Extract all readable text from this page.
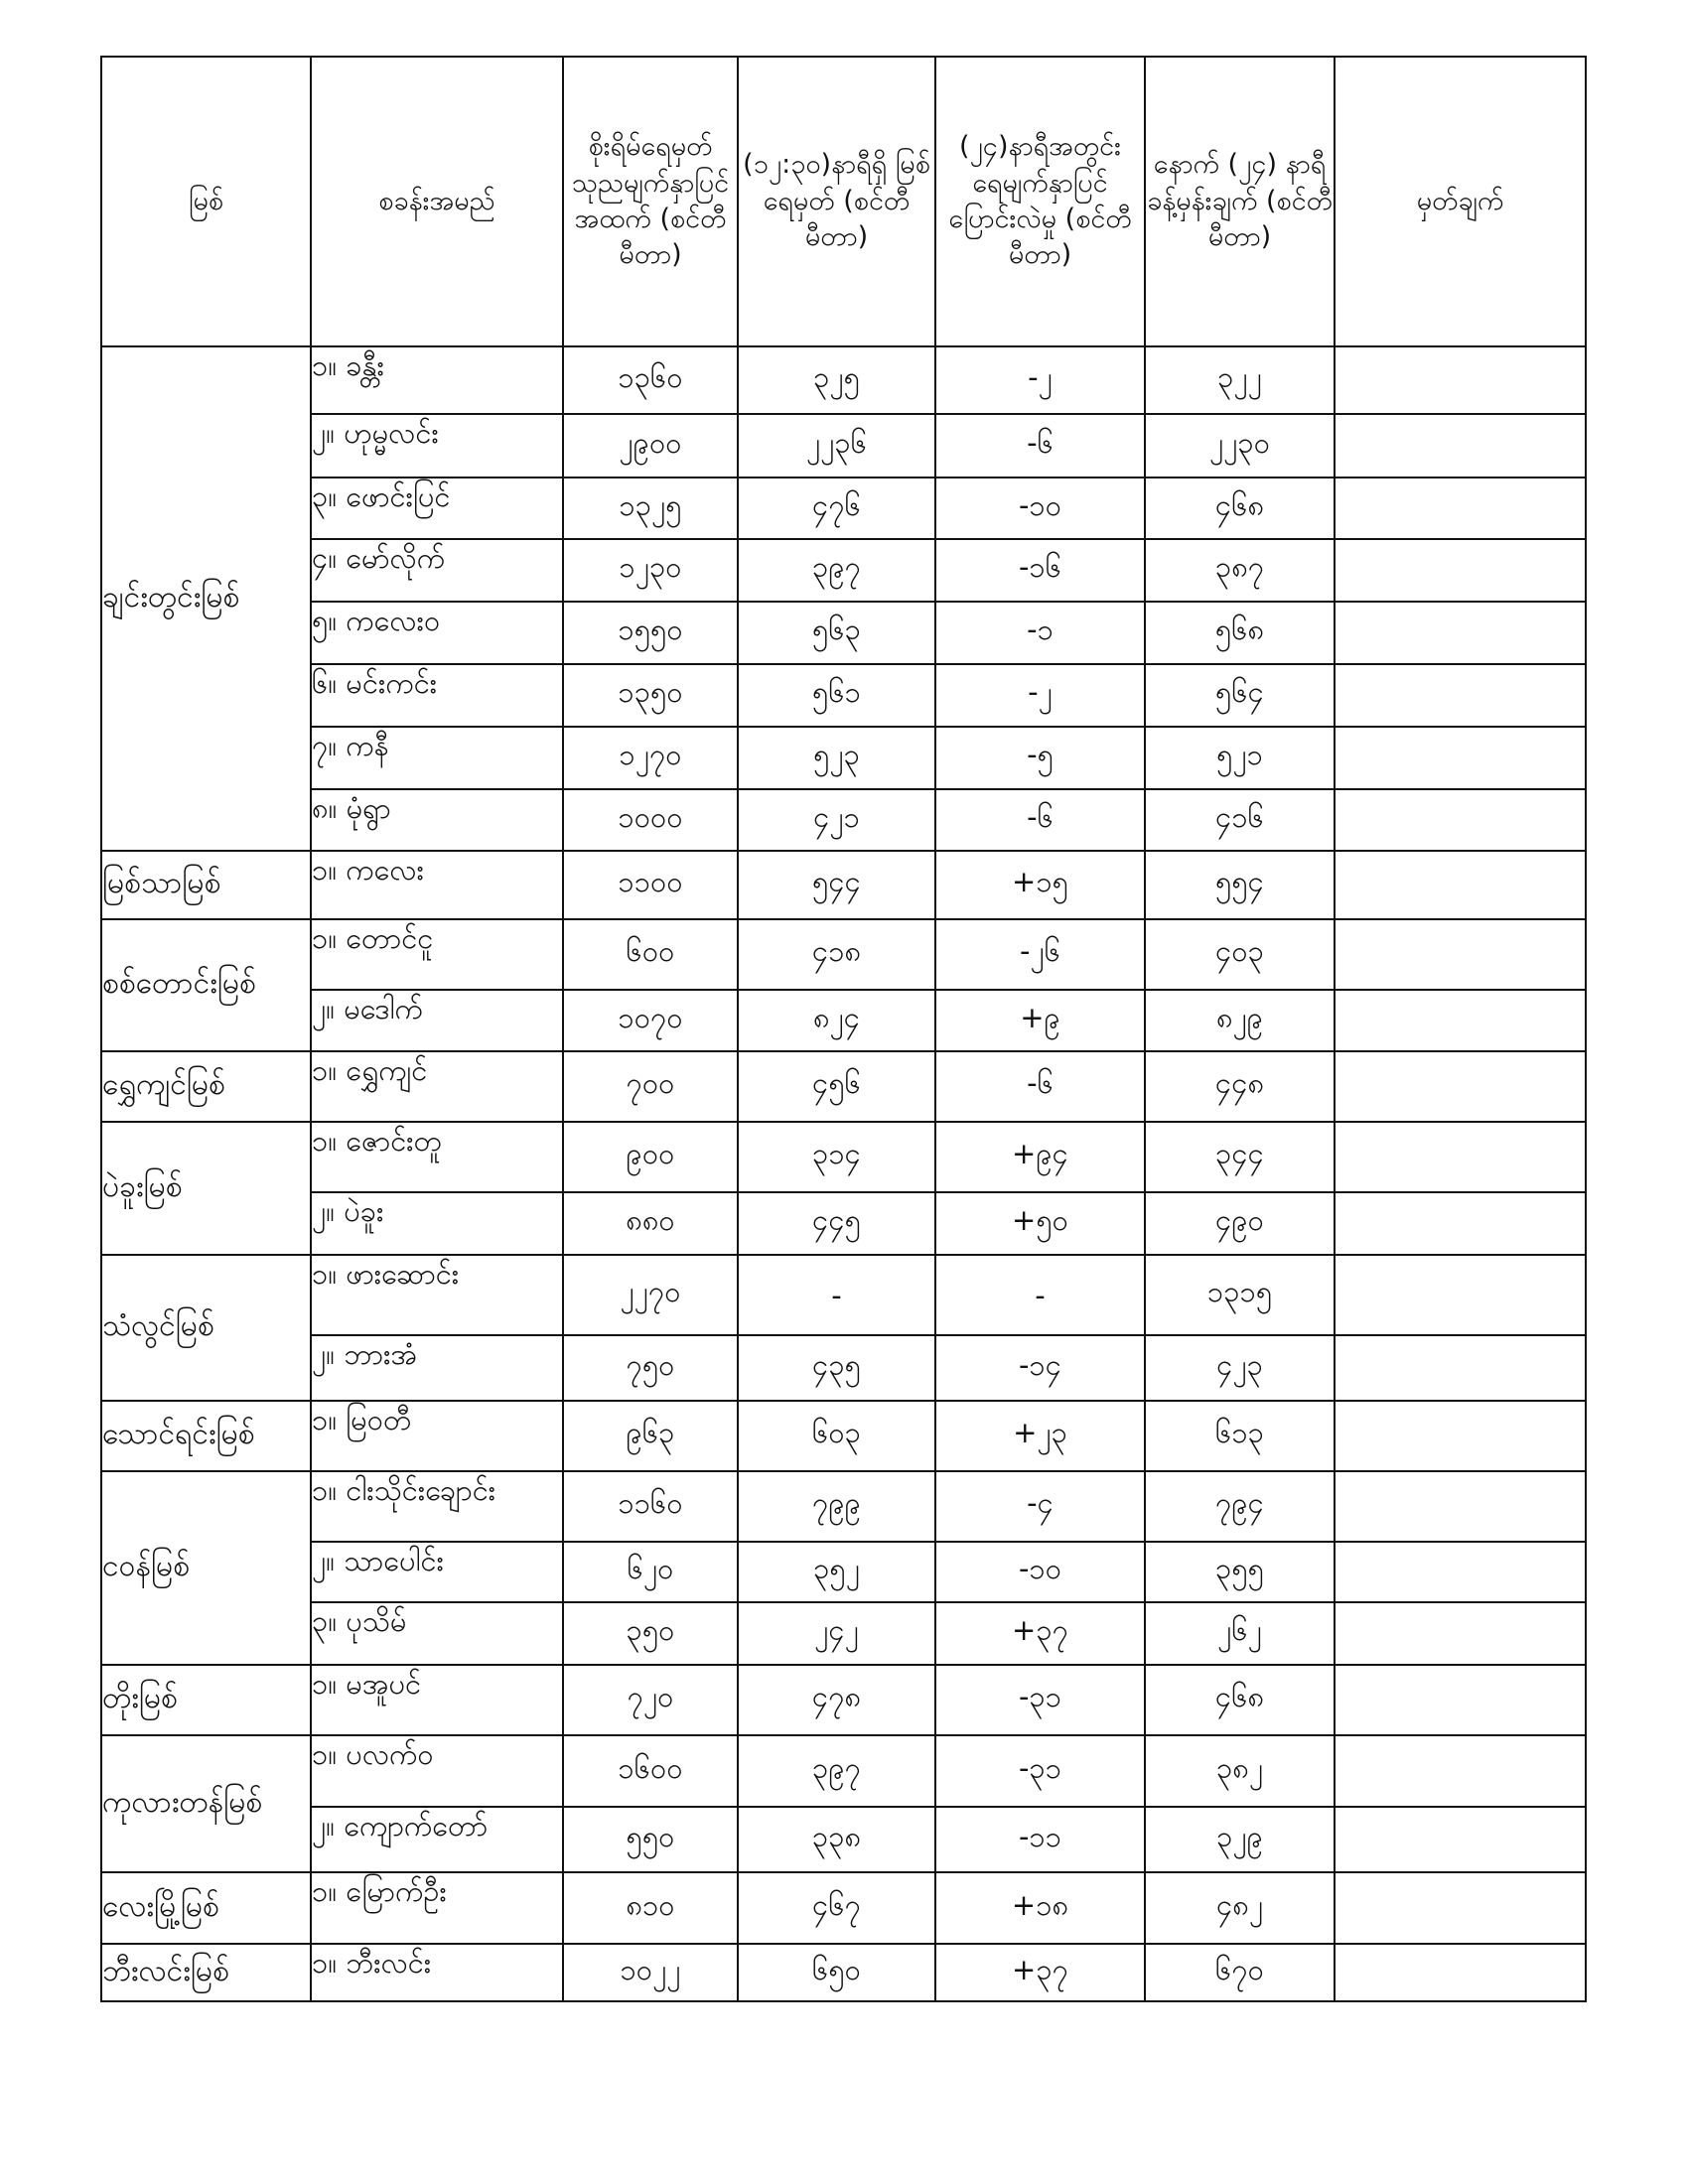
မြစ်	စခန်းအမည်	စိုးရိမ်ရေမှတ် သုညမျက်နှာပြင် အထက် (စင်တီမီတာ)	(၁၂:၃၀)နာရီရှိ မြစ်ရေမှတ် (စင်တီမီတာ)	(၂၄)နာရီအတွင်း ရေမျက်နှာပြင် ပြောင်းလဲမှု (စင်တီမီတာ)	နောက် (၂၄) နာရီ ခန့်မှန်းချက် (စင်တီမီတာ)	မှတ်ချက်
ချင်းတွင်းမြစ်	၁။ ခန္တီး	၁၃၆၀	၃၂၅	-၂	၃၂၂	
	၂။ ဟုမ္မလင်း	၂၉၀၀	၂၂၃၆	-၆	၂၂၃၀	
	၃။ ဖောင်းပြင်	၁၃၂၅	၄၇၆	-၁၀	၄၆၈	
	၄။ မော်လိုက်	၁၂၃၀	၃၉၇	-၁၆	၃၈၇	
	၅။ ကလေးဝ	၁၅၅၀	၅၆၃	-၁	၅၆၈	
	၆။ မင်းကင်း	၁၃၅၀	၅၆၁	-၂	၅၆၄	
	၇။ ကနီ	၁၂၇၀	၅၂၃	-၅	၅၂၁	
	၈။ မုံရွာ	၁၀၀၀	၄၂၁	-၆	၄၁၆	
မြစ်သာမြစ်	၁။ ကလေး	၁၁၀၀	၅၄၄	+၁၅	၅၅၄	
စစ်တောင်းမြစ်	၁။ တောင်ငူ	၆၀၀	၄၁၈	-၂၆	၄၀၃	
	၂။ မဒေါက်	၁၀၇၀	၈၂၄	+၉	၈၂၉	
ရွှေကျင်မြစ်	၁။ ရွှေကျင်	၇၀၀	၄၅၆	-၆	၄၄၈	
ပဲခူးမြစ်	၁။ ဇောင်းတူ	၉၀၀	၃၁၄	+၉၄	၃၄၄	
	၂။ ပဲခူး	၈၈၀	၄၄၅	+၅၀	၄၉၀	
သံလွင်မြစ်	၁။ ဖားဆောင်း	၂၂၇၀	-	-	၁၃၁၅	
	၂။ ဘားအံ	၇၅၀	၄၃၅	-၁၄	၄၂၃	
သောင်ရင်းမြစ်	၁။ မြဝတီ	၉၆၃	၆၀၃	+၂၃	၆၁၃	
ငဝန်မြစ်	၁။ ငါးသိုင်းချောင်း	၁၁၆၀	၇၉၉	-၄	၇၉၄	
	၂။ သာပေါင်း	၆၂၀	၃၅၂	-၁၀	၃၅၅	
	၃။ ပုသိမ်	၃၅၀	၂၄၂	+၃၇	၂၆၂	
တိုးမြစ်	၁။ မအူပင်	၇၂၀	၄၇၈	-၃၁	၄၆၈	
ကုလားတန်မြစ်	၁။ ပလက်ဝ	၁၆၀၀	၃၉၇	-၃၁	၃၈၂	
	၂။ ကျောက်တော်	၅၅၀	၃၃၈	-၁၁	၃၂၉	
လေးမြို့မြစ်	၁။ မြောက်ဦး	၈၁၀	၄၆၇	+၁၈	၄၈၂	
ဘီးလင်းမြစ်	၁။ ဘီးလင်း	၁၀၂၂	၆၅၀	+၃၇	၆၇၀	
